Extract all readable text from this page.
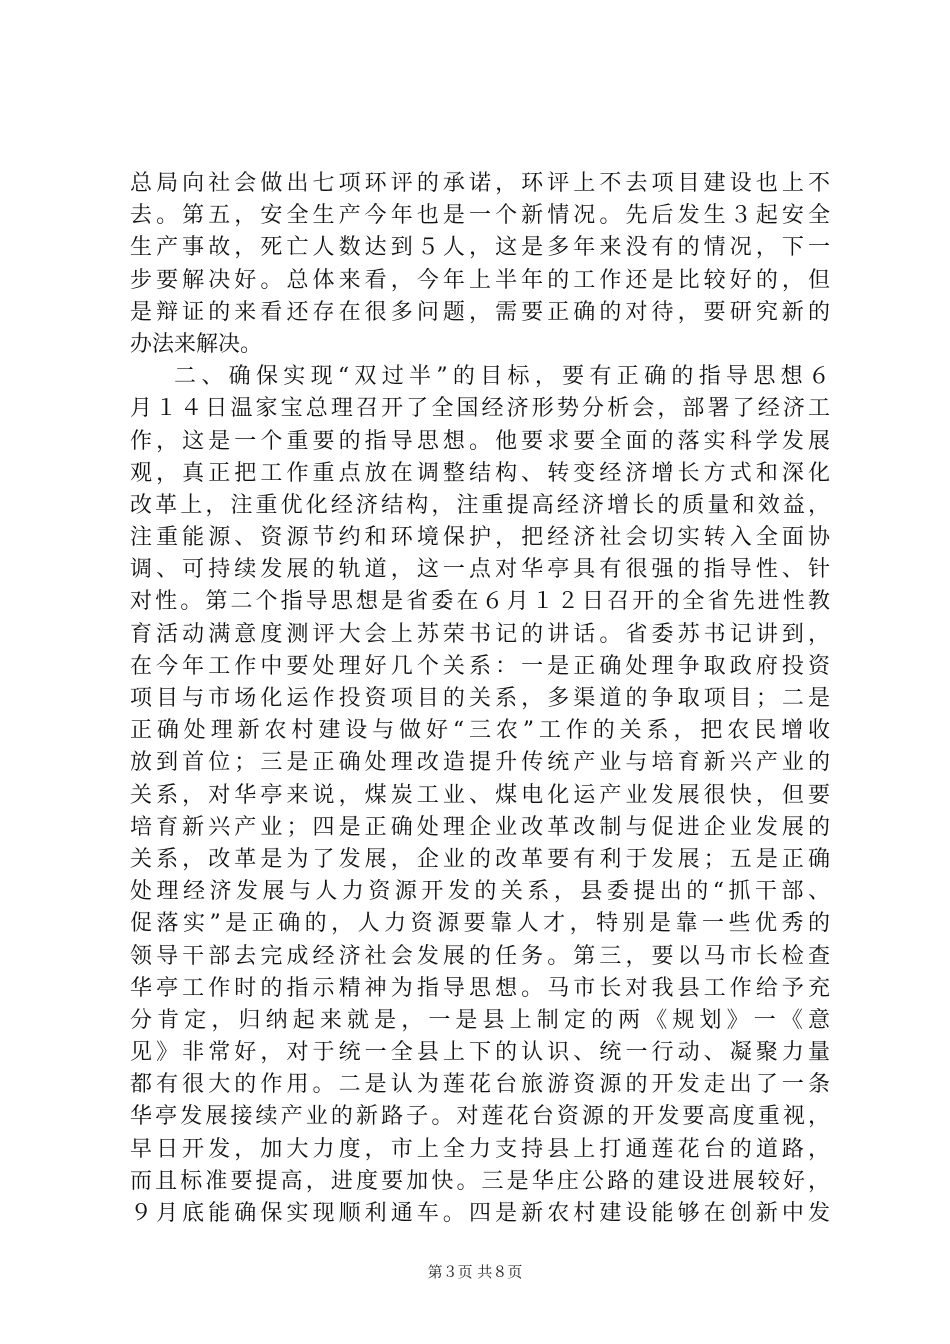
总局向社会做出七项环评的承诺，环评上不去项目建设也上不
去。第五，安全生产今年也是一个新情况。先后发生３起安全
生产事故，死亡人数达到５人，这是多年来没有的情况，下一
步要解决好。总体来看，今年上半年的工作还是比较好的，但
是辩证的来看还存在很多问题，需要正确的对待，要研究新的
办法来解决。
二、确保实现“双过半”的目标，要有正确的指导思想６
月１４日温家宝总理召开了全国经济形势分析会，部署了经济工
作，这是一个重要的指导思想。他要求要全面的落实科学发展
观，真正把工作重点放在调整结构、转变经济增长方式和深化
改革上，注重优化经济结构，注重提高经济增长的质量和效益，
注重能源、资源节约和环境保护，把经济社会切实转入全面协
调、可持续发展的轨道，这一点对华亭具有很强的指导性、针
对性。第二个指导思想是省委在６月１２日召开的全省先进性教
育活动满意度测评大会上苏荣书记的讲话。省委苏书记讲到，
在今年工作中要处理好几个关系：一是正确处理争取政府投资
项目与市场化运作投资项目的关系，多渠道的争取项目；二是
正确处理新农村建设与做好“三农”工作的关系，把农民增收
放到首位；三是正确处理改造提升传统产业与培育新兴产业的
关系，对华亭来说，煤炭工业、煤电化运产业发展很快，但要
培育新兴产业；四是正确处理企业改革改制与促进企业发展的
关系，改革是为了发展，企业的改革要有利于发展；五是正确
处理经济发展与人力资源开发的关系，县委提出的“抓干部、
促落实”是正确的，人力资源要靠人才，特别是靠一些优秀的
领导干部去完成经济社会发展的任务。第三，要以马市长检查
华亭工作时的指示精神为指导思想。马市长对我县工作给予充
分肯定，归纳起来就是，一是县上制定的两《规划》一《意
见》非常好，对于统一全县上下的认识、统一行动、凝聚力量
都有很大的作用。二是认为莲花台旅游资源的开发走出了一条
华亭发展接续产业的新路子。对莲花台资源的开发要高度重视，
早日开发，加大力度，市上全力支持县上打通莲花台的道路，
而且标准要提高，进度要加快。三是华庄公路的建设进展较好，
９月底能确保实现顺利通车。四是新农村建设能够在创新中发
第３页 共８页
